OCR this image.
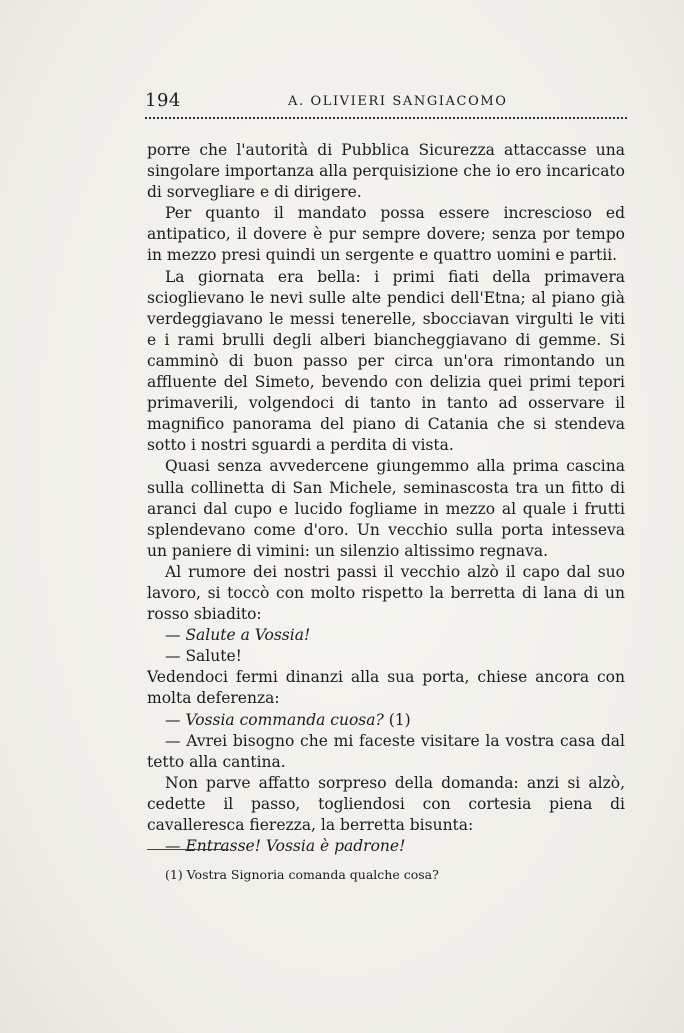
194	A. OLIVIERI SANGIACOMO

porre che l'autorità di Pubblica Sicurezza attaccasse una singolare importanza alla perquisizione che io ero incaricato di sorvegliare e di dirigere.

Per quanto il mandato possa essere increscioso ed antipatico, il dovere è pur sempre dovere; senza por tempo in mezzo presi quindi un sergente e quattro uomini e partii.

La giornata era bella: i primi fiati della primavera scioglievano le nevi sulle alte pendici dell'Etna; al piano già verdeggiavano le messi tenerelle, sbocciavan virgulti le viti e i rami brulli degli alberi biancheggiavano di gemme. Si camminò di buon passo per circa un'ora rimontando un affluente del Simeto, bevendo con delizia quei primi tepori primaverili, volgendoci di tanto in tanto ad osservare il magnifico panorama del piano di Catania che si stendeva sotto i nostri sguardi a perdita di vista.

Quasi senza avvedercene giungemmo alla prima cascina sulla collinetta di San Michele, seminascosta tra un fitto di aranci dal cupo e lucido fogliame in mezzo al quale i frutti splendevano come d'oro. Un vecchio sulla porta intesseva un paniere di vimini: un silenzio altissimo regnava.

Al rumore dei nostri passi il vecchio alzò il capo dal suo lavoro, si toccò con molto rispetto la berretta di lana di un rosso sbiadito:

— Salute a Vossia!

— Salute!

Vedendoci fermi dinanzi alla sua porta, chiese ancora con molta deferenza:

— Vossia commanda cuosa? (1)

— Avrei bisogno che mi faceste visitare la vostra casa dal tetto alla cantina.

Non parve affatto sorpreso della domanda: anzi si alzò, cedette il passo, togliendosi con cortesia piena di cavalleresca fierezza, la berretta bisunta:

— Entrasse! Vossia è padrone!

(1) Vostra Signoria comanda qualche cosa?
